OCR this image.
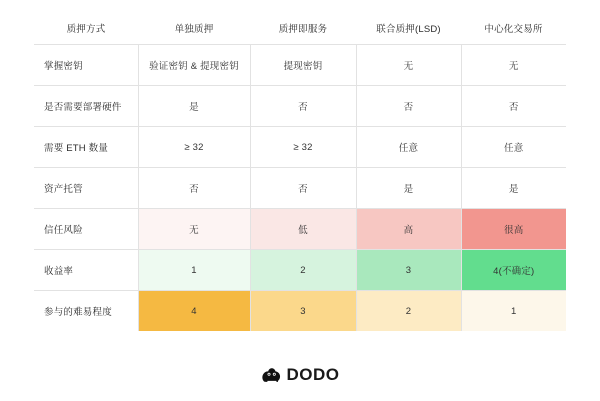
质押方式	单独质押	质押即服务	联合质押(LSD)	中心化交易所
掌握密钥	验证密钥 & 提现密钥	提现密钥	无	无
是否需要部署硬件	是	否	否	否
需要 ETH 数量	≥ 32	≥ 32	任意	任意
资产托管	否	否	是	是
信任风险	无	低	高	很高
收益率	1	2	3	4(不确定)
参与的难易程度	4	3	2	1
DODO
